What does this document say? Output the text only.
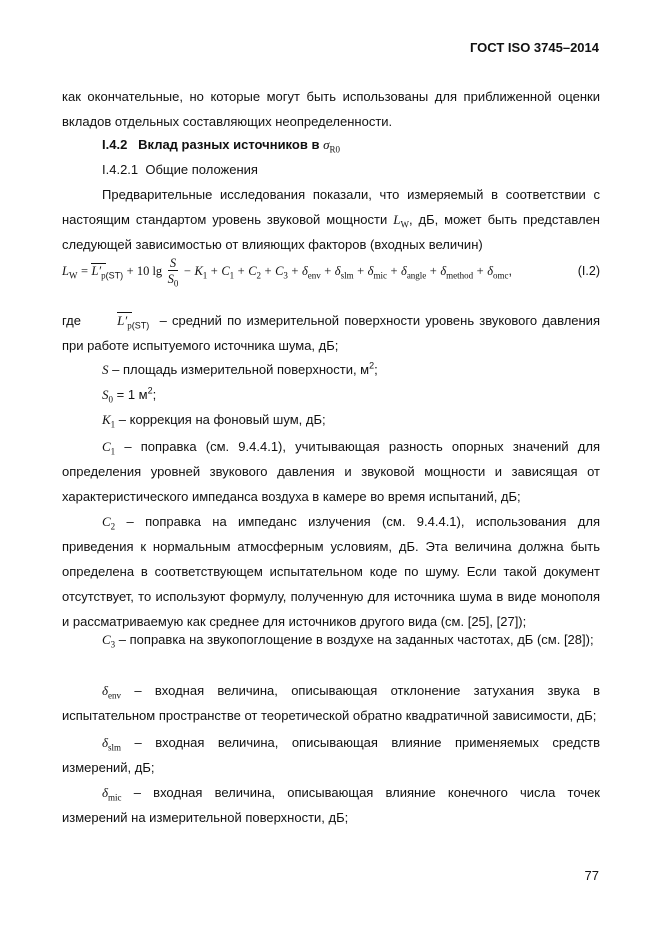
ГОСТ ISO 3745–2014
как окончательные, но которые могут быть использованы для приближенной оценки вкладов отдельных составляющих неопределенности.
I.4.2 Вклад разных источников в $\sigma_{R0}$
I.4.2.1 Общие положения
Предварительные исследования показали, что измеряемый в соответствии с настоящим стандартом уровень звуковой мощности $L_W$, дБ, может быть представлен следующей зависимостью от влияющих факторов (входных величин)
$L_W = L'_{p(ST)} + 10$ $\lg \frac{S}{S_0} - K_1 + C_1 + C_2 + C_3 + \delta_{env} + \delta_{slm} + \delta_{mic} + \delta_{angle} + \delta_{method} + \delta_{omc}$,	(I.2)
где	$L'_{p(ST)}$ – средний по измерительной поверхности уровень звукового давления при работе испытуемого источника шума, дБ;
S – площадь измерительной поверхности, $м^2$;
$S_0 = 1$ $м^2$;
$K_1$ – коррекция на фоновый шум, дБ;
$C_1$ – поправка (см. 9.4.4.1), учитывающая разность опорных значений для определения уровней звукового давления и звуковой мощности и зависящая от характеристического импеданса воздуха в камере во время испытаний, дБ;
$C_2$ – поправка на импеданс излучения (см. 9.4.4.1), использования для приведения к нормальным атмосферным условиям, дБ. Эта величина должна быть определена в соответствующем испытательном коде по шуму. Если такой документ отсутствует, то используют формулу, полученную для источника шума в виде монополя и рассматриваемую как среднее для источников другого вида (см. [25], [27]);
$C_3$ – поправка на звукопоглощение в воздухе на заданных частотах, дБ (см. [28]);
$\delta_{env}$ – входная величина, описывающая отклонение затухания звука в испытательном пространстве от теоретической обратно квадратичной зависимости, дБ;
$\delta_{slm}$ – входная величина, описывающая влияние применяемых средств измерений, дБ;
$\delta_{mic}$ – входная величина, описывающая влияние конечного числа точек измерений на измерительной поверхности, дБ;
77
